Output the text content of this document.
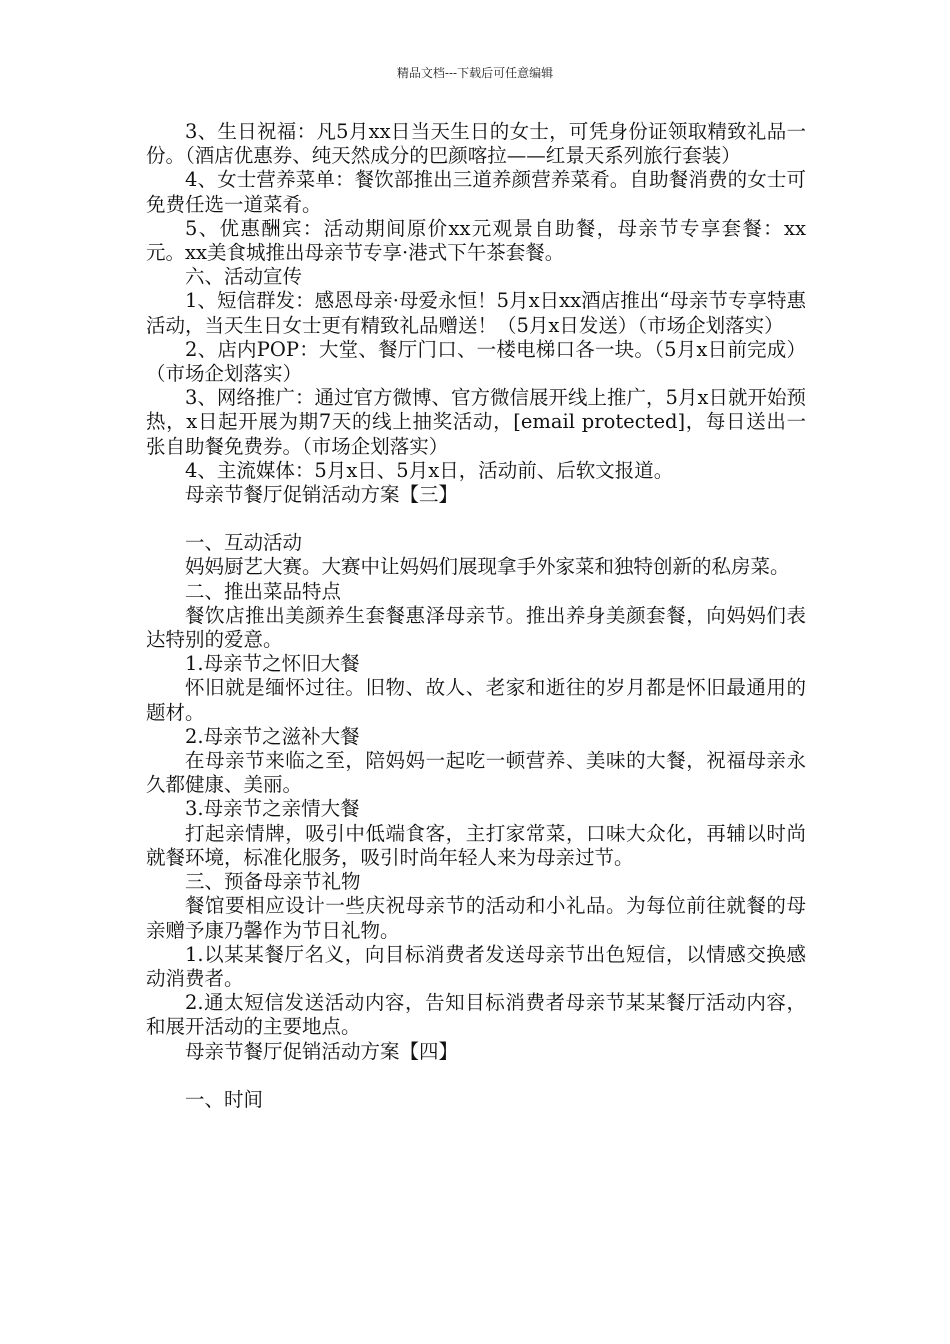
精品文档---下载后可任意编辑

3、生日祝福：凡5月xx日当天生日的女士，可凭身份证领取精致礼品一份。（酒店优惠券、纯天然成分的巴颜喀拉——红景天系列旅行套装）

4、女士营养菜单：餐饮部推出三道养颜营养菜肴。自助餐消费的女士可免费任选一道菜肴。

5、优惠酬宾：活动期间原价xx元观景自助餐，母亲节专享套餐：xx元。xx美食城推出母亲节专享·港式下午茶套餐。

六、活动宣传

1、短信群发：感恩母亲·母爱永恒！5月x日xx酒店推出“母亲节专享特惠活动，当天生日女士更有精致礼品赠送！（5月x日发送）（市场企划落实）

2、店内POP：大堂、餐厅门口、一楼电梯口各一块。（5月x日前完成）（市场企划落实）

3、网络推广：通过官方微博、官方微信展开线上推广，5月x日就开始预热，x日起开展为期7天的线上抽奖活动，[email protected]，每日送出一张自助餐免费券。（市场企划落实）

4、主流媒体：5月x日、5月x日，活动前、后软文报道。

母亲节餐厅促销活动方案【三】

一、互动活动

妈妈厨艺大赛。大赛中让妈妈们展现拿手外家菜和独特创新的私房菜。

二、推出菜品特点

餐饮店推出美颜养生套餐惠泽母亲节。推出养身美颜套餐，向妈妈们表达特别的爱意。

1.母亲节之怀旧大餐

怀旧就是缅怀过往。旧物、故人、老家和逝往的岁月都是怀旧最通用的题材。

2.母亲节之滋补大餐

在母亲节来临之至，陪妈妈一起吃一顿营养、美味的大餐，祝福母亲永久都健康、美丽。

3.母亲节之亲情大餐

打起亲情牌，吸引中低端食客，主打家常菜，口味大众化，再辅以时尚就餐环境，标准化服务，吸引时尚年轻人来为母亲过节。

三、预备母亲节礼物

餐馆要相应设计一些庆祝母亲节的活动和小礼品。为每位前往就餐的母亲赠予康乃馨作为节日礼物。

1.以某某餐厅名义，向目标消费者发送母亲节出色短信，以情感交换感动消费者。

2.通太短信发送活动内容，告知目标消费者母亲节某某餐厅活动内容，和展开活动的主要地点。

母亲节餐厅促销活动方案【四】

一、时间
